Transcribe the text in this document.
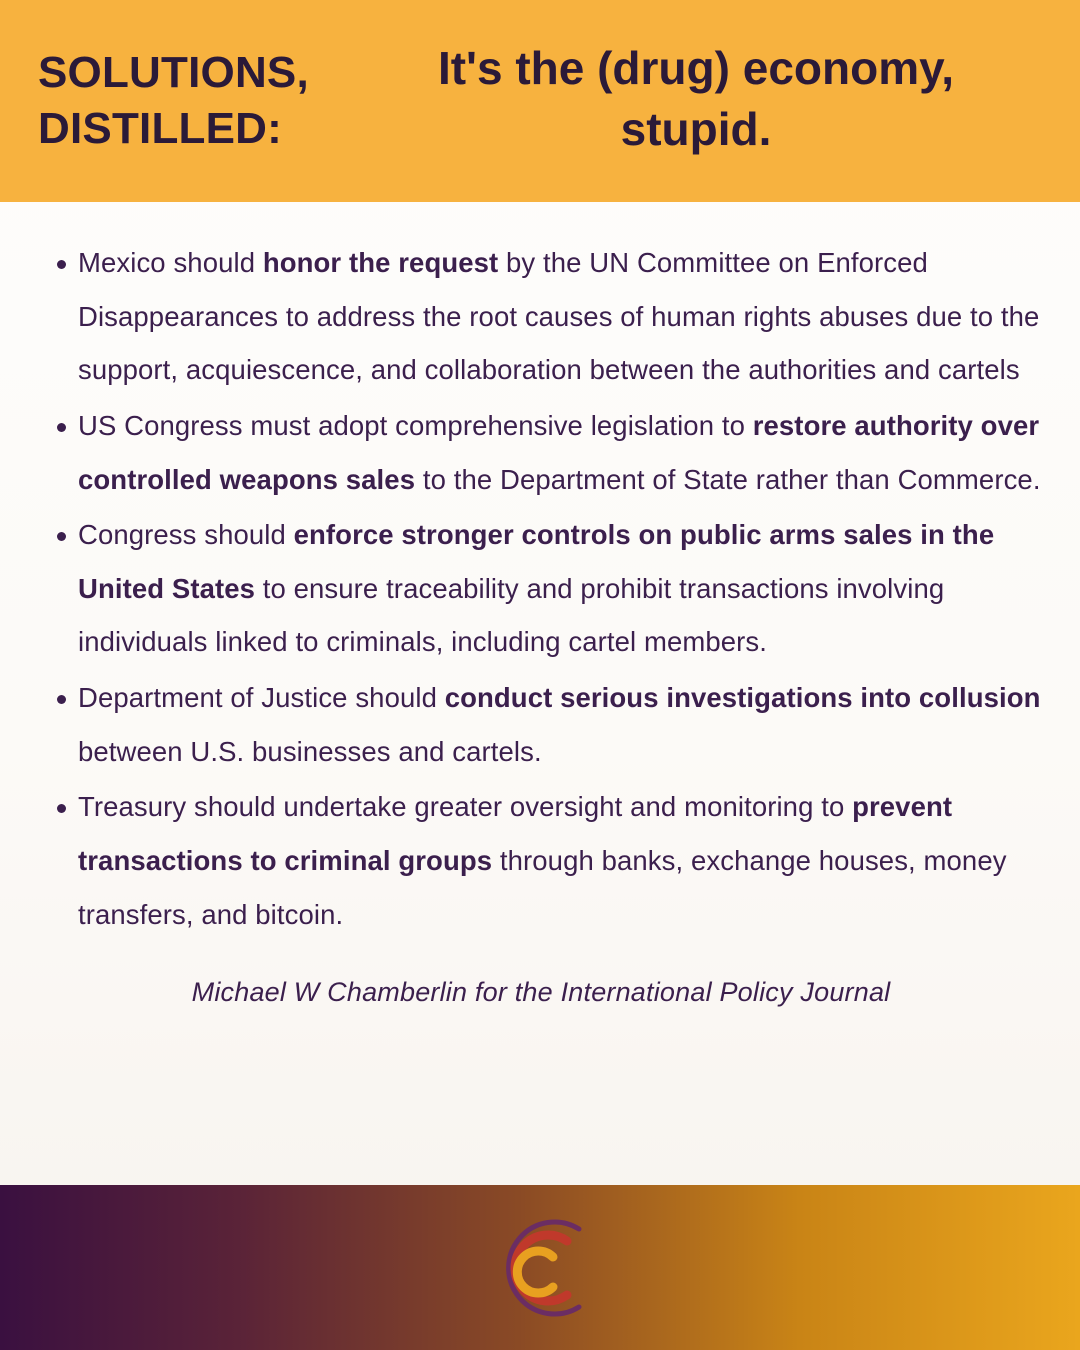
SOLUTIONS, DISTILLED:
It's the (drug) economy, stupid.
Mexico should honor the request by the UN Committee on Enforced Disappearances to address the root causes of human rights abuses due to the support, acquiescence, and collaboration between the authorities and cartels
US Congress must adopt comprehensive legislation to restore authority over controlled weapons sales to the Department of State rather than Commerce.
Congress should enforce stronger controls on public arms sales in the United States to ensure traceability and prohibit transactions involving individuals linked to criminals, including cartel members.
Department of Justice should conduct serious investigations into collusion between U.S. businesses and cartels.
Treasury should undertake greater oversight and monitoring to prevent transactions to criminal groups through banks, exchange houses, money transfers, and bitcoin.
Michael W Chamberlin for the International Policy Journal
